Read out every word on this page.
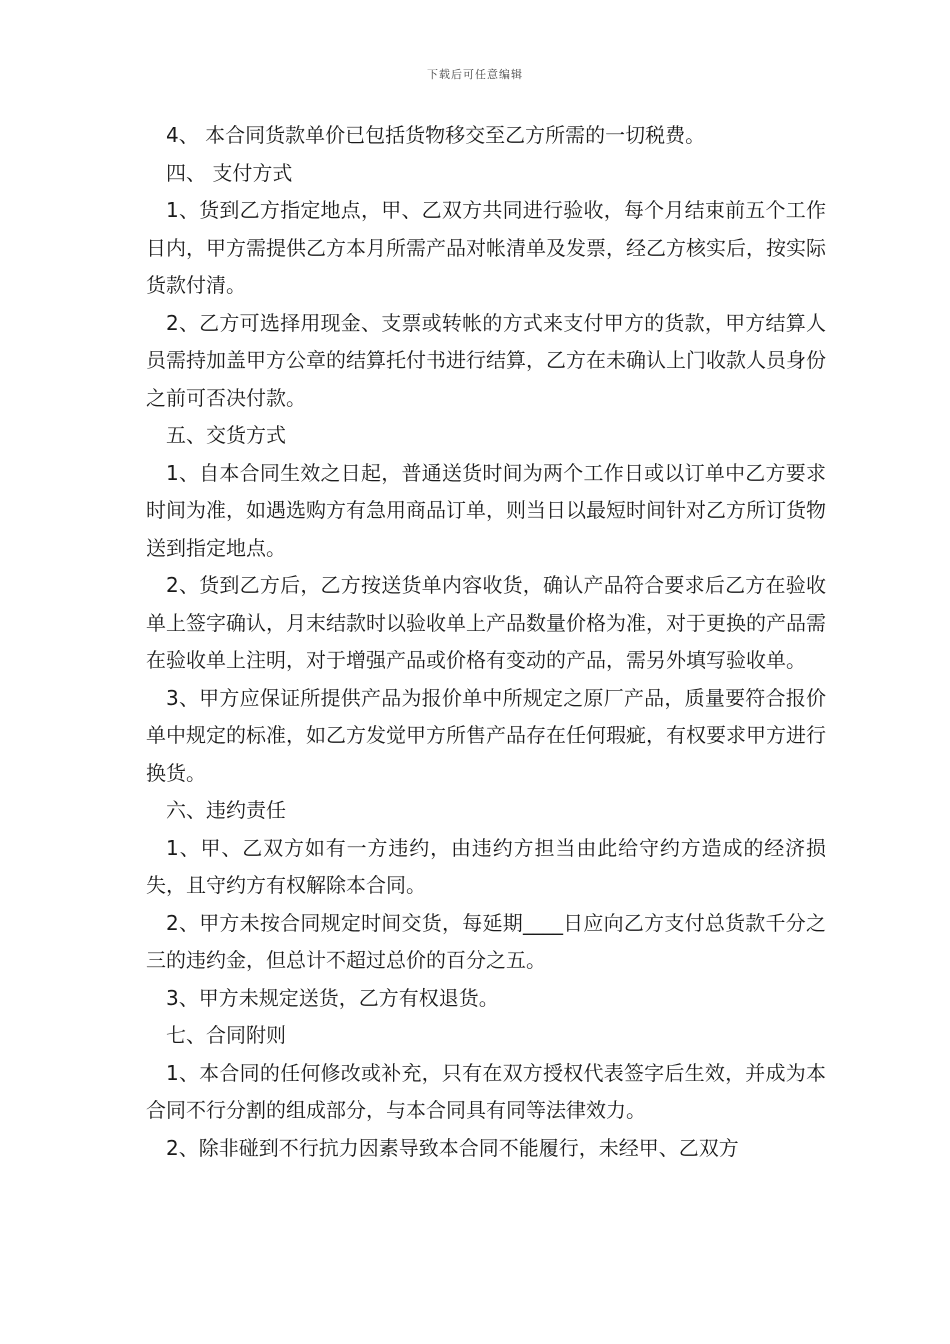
下载后可任意编辑

4、 本合同货款单价已包括货物移交至乙方所需的一切税费。

四、 支付方式

1、货到乙方指定地点，甲、乙双方共同进行验收，每个月结束前五个工作日内，甲方需提供乙方本月所需产品对帐清单及发票，经乙方核实后，按实际货款付清。

2、乙方可选择用现金、支票或转帐的方式来支付甲方的货款，甲方结算人员需持加盖甲方公章的结算托付书进行结算，乙方在未确认上门收款人员身份之前可否决付款。

五、交货方式

1、自本合同生效之日起，普通送货时间为两个工作日或以订单中乙方要求时间为准，如遇选购方有急用商品订单，则当日以最短时间针对乙方所订货物送到指定地点。

2、货到乙方后，乙方按送货单内容收货，确认产品符合要求后乙方在验收单上签字确认，月末结款时以验收单上产品数量价格为准，对于更换的产品需在验收单上注明，对于增强产品或价格有变动的产品，需另外填写验收单。

3、甲方应保证所提供产品为报价单中所规定之原厂产品，质量要符合报价单中规定的标准，如乙方发觉甲方所售产品存在任何瑕疵，有权要求甲方进行换货。

六、违约责任

1、甲、乙双方如有一方违约，由违约方担当由此给守约方造成的经济损失，且守约方有权解除本合同。

2、甲方未按合同规定时间交货，每延期____日应向乙方支付总货款千分之三的违约金，但总计不超过总价的百分之五。

3、甲方未规定送货，乙方有权退货。

七、合同附则

1、本合同的任何修改或补充，只有在双方授权代表签字后生效，并成为本合同不行分割的组成部分，与本合同具有同等法律效力。

2、除非碰到不行抗力因素导致本合同不能履行，未经甲、乙双方
